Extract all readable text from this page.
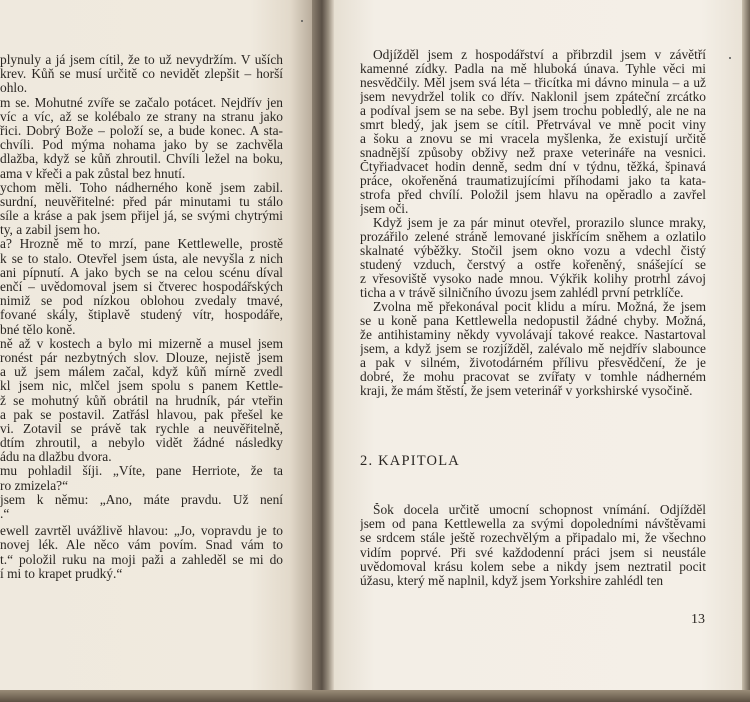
plynuly a já jsem cítil, že to už nevydržím. V uších
krev. Kůň se musí určitě co nevidět zlepšit – horší
ohlo.
m se. Mohutné zvíře se začalo potácet. Nejdřív jen
víc a víc, až se kolébalo ze strany na stranu jako
řici. Dobrý Bože – položí se, a bude konec. A sta-
chvíli. Pod mýma nohama jako by se zachvěla
dlažba, když se kůň zhroutil. Chvíli ležel na boku,
ama v křeči a pak zůstal bez hnutí.
ychom měli. Toho nádherného koně jsem zabil.
surdní, neuvěřitelné: před pár minutami tu stálo
síle a kráse a pak jsem přijel já, se svými chytrými
ty, a zabil jsem ho.
a? Hrozně mě to mrzí, pane Kettlewelle, prostě
k se to stalo. Otevřel jsem ústa, ale nevyšla z nich
ani pípnutí. A jako bych se na celou scénu díval
enčí – uvědomoval jsem si čtverec hospodářských
nimiž se pod nízkou oblohou zvedaly tmavé,
fované skály, štiplavě studený vítr, hospodáře,
bné tělo koně.
ně až v kostech a bylo mi mizerně a musel jsem
ronést pár nezbytných slov. Dlouze, nejistě jsem
a už jsem málem začal, když kůň mírně zvedl
kl jsem nic, mlčel jsem spolu s panem Kettle-
ž se mohutný kůň obrátil na hrudník, pár vteřin
a pak se postavil. Zatřásl hlavou, pak přešel ke
vi. Zotavil se právě tak rychle a neuvěřitelně,
dtím zhroutil, a nebylo vidět žádné následky
ádu na dlažbu dvora.
mu pohladil šíji. „Víte, pane Herriote, že ta
ro zmizela?“
jsem k němu: „Ano, máte pravdu. Už není
.“
ewell zavrtěl uvážlivě hlavou: „Jo, vopravdu je to
novej lék. Ale něco vám povím. Snad vám to
t.“ položil ruku na moji paži a zahleděl se mi do
í mi to krapet prudký.“
Odjížděl jsem z hospodářství a přibrzdil jsem v závětří
kamenné zídky. Padla na mě hluboká únava. Tyhle věci mi
nesvědčily. Měl jsem svá léta – třicítka mi dávno minula – a už
jsem nevydržel tolik co dřív. Naklonil jsem zpáteční zrcátko
a podíval jsem se na sebe. Byl jsem trochu pobledlý, ale ne na
smrt bledý, jak jsem se cítil. Přetrvával ve mně pocit viny
a šoku a znovu se mi vracela myšlenka, že existují určitě
snadnější způsoby obživy než praxe veterináře na vesnici.
Čtyřiadvacet hodin denně, sedm dní v týdnu, těžká, špinavá
práce, okořeněná traumatizujícími příhodami jako ta kata-
strofa před chvílí. Položil jsem hlavu na opěradlo a zavřel
jsem oči.
Když jsem je za pár minut otevřel, prorazilo slunce mraky,
prozářilo zelené stráně lemované jiskřícím sněhem a ozlatilo
skalnaté výběžky. Stočil jsem okno vozu a vdechl čistý
studený vzduch, čerstvý a ostře kořeněný, snášející se
z vřesoviště vysoko nade mnou. Výkřik kolihy protrhl závoj
ticha a v trávě silničního úvozu jsem zahlédl první petrklíče.
Zvolna mě překonával pocit klidu a míru. Možná, že jsem
se u koně pana Kettlewella nedopustil žádné chyby. Možná,
že antihistaminy někdy vyvolávají takové reakce. Nastartoval
jsem, a když jsem se rozjížděl, zalévalo mě nejdřív slabounce
a pak v silném, životodárném přílivu přesvědčení, že je
dobré, že mohu pracovat se zvířaty v tomhle nádherném
kraji, že mám štěstí, že jsem veterinář v yorkshirské vysočině.
2. KAPITOLA
Šok docela určitě umocní schopnost vnímání. Odjížděl
jsem od pana Kettlewella za svými dopoledními návštěvami
se srdcem stále ještě rozechvělým a připadalo mi, že všechno
vidím poprvé. Při své každodenní práci jsem si neustále
uvědomoval krásu kolem sebe a nikdy jsem neztratil pocit
úžasu, který mě naplnil, když jsem Yorkshire zahlédl ten
13
